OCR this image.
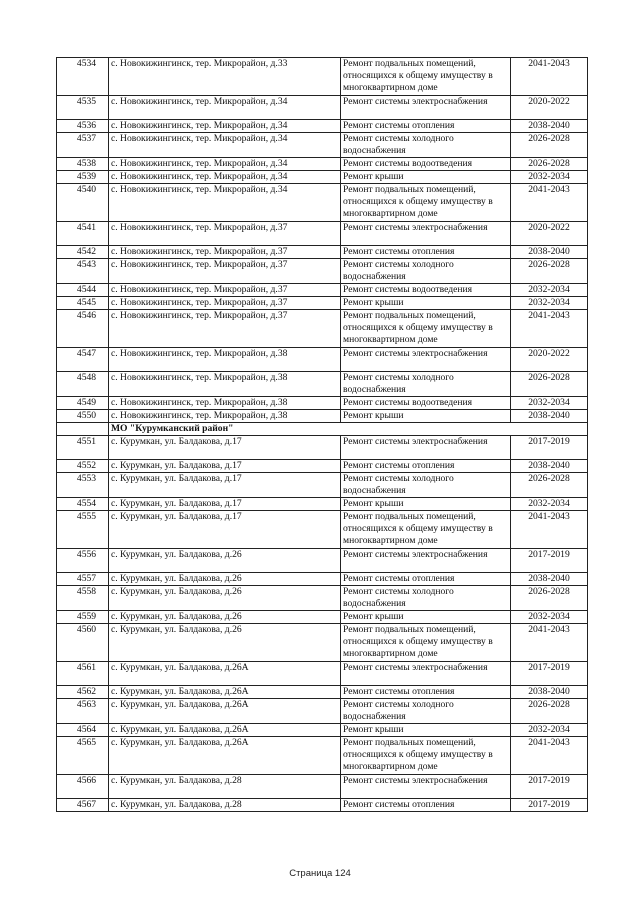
4534	с. Новокижингинск, тер. Микрорайон, д.33	Ремонт подвальных помещений, относящихся к общему имуществу в многоквартирном доме	2041-2043
4535	с. Новокижингинск, тер. Микрорайон, д.34	Ремонт системы электроснабжения	2020-2022
4536	с. Новокижингинск, тер. Микрорайон, д.34	Ремонт системы отопления	2038-2040
4537	с. Новокижингинск, тер. Микрорайон, д.34	Ремонт системы холодного водоснабжения	2026-2028
4538	с. Новокижингинск, тер. Микрорайон, д.34	Ремонт системы водоотведения	2026-2028
4539	с. Новокижингинск, тер. Микрорайон, д.34	Ремонт крыши	2032-2034
4540	с. Новокижингинск, тер. Микрорайон, д.34	Ремонт подвальных помещений, относящихся к общему имуществу в многоквартирном доме	2041-2043
4541	с. Новокижингинск, тер. Микрорайон, д.37	Ремонт системы электроснабжения	2020-2022
4542	с. Новокижингинск, тер. Микрорайон, д.37	Ремонт системы отопления	2038-2040
4543	с. Новокижингинск, тер. Микрорайон, д.37	Ремонт системы холодного водоснабжения	2026-2028
4544	с. Новокижингинск, тер. Микрорайон, д.37	Ремонт системы водоотведения	2032-2034
4545	с. Новокижингинск, тер. Микрорайон, д.37	Ремонт крыши	2032-2034
4546	с. Новокижингинск, тер. Микрорайон, д.37	Ремонт подвальных помещений, относящихся к общему имуществу в многоквартирном доме	2041-2043
4547	с. Новокижингинск, тер. Микрорайон, д.38	Ремонт системы электроснабжения	2020-2022
4548	с. Новокижингинск, тер. Микрорайон, д.38	Ремонт системы холодного водоснабжения	2026-2028
4549	с. Новокижингинск, тер. Микрорайон, д.38	Ремонт системы водоотведения	2032-2034
4550	с. Новокижингинск, тер. Микрорайон, д.38	Ремонт крыши	2038-2040
	МО "Курумканский район"		
4551	с. Курумкан, ул. Балдакова, д.17	Ремонт системы электроснабжения	2017-2019
4552	с. Курумкан, ул. Балдакова, д.17	Ремонт системы отопления	2038-2040
4553	с. Курумкан, ул. Балдакова, д.17	Ремонт системы холодного водоснабжения	2026-2028
4554	с. Курумкан, ул. Балдакова, д.17	Ремонт крыши	2032-2034
4555	с. Курумкан, ул. Балдакова, д.17	Ремонт подвальных помещений, относящихся к общему имуществу в многоквартирном доме	2041-2043
4556	с. Курумкан, ул. Балдакова, д.26	Ремонт системы электроснабжения	2017-2019
4557	с. Курумкан, ул. Балдакова, д.26	Ремонт системы отопления	2038-2040
4558	с. Курумкан, ул. Балдакова, д.26	Ремонт системы холодного водоснабжения	2026-2028
4559	с. Курумкан, ул. Балдакова, д.26	Ремонт крыши	2032-2034
4560	с. Курумкан, ул. Балдакова, д.26	Ремонт подвальных помещений, относящихся к общему имуществу в многоквартирном доме	2041-2043
4561	с. Курумкан, ул. Балдакова, д.26А	Ремонт системы электроснабжения	2017-2019
4562	с. Курумкан, ул. Балдакова, д.26А	Ремонт системы отопления	2038-2040
4563	с. Курумкан, ул. Балдакова, д.26А	Ремонт системы холодного водоснабжения	2026-2028
4564	с. Курумкан, ул. Балдакова, д.26А	Ремонт крыши	2032-2034
4565	с. Курумкан, ул. Балдакова, д.26А	Ремонт подвальных помещений, относящихся к общему имуществу в многоквартирном доме	2041-2043
4566	с. Курумкан, ул. Балдакова, д.28	Ремонт системы электроснабжения	2017-2019
4567	с. Курумкан, ул. Балдакова, д.28	Ремонт системы отопления	2017-2019
Страница 124
